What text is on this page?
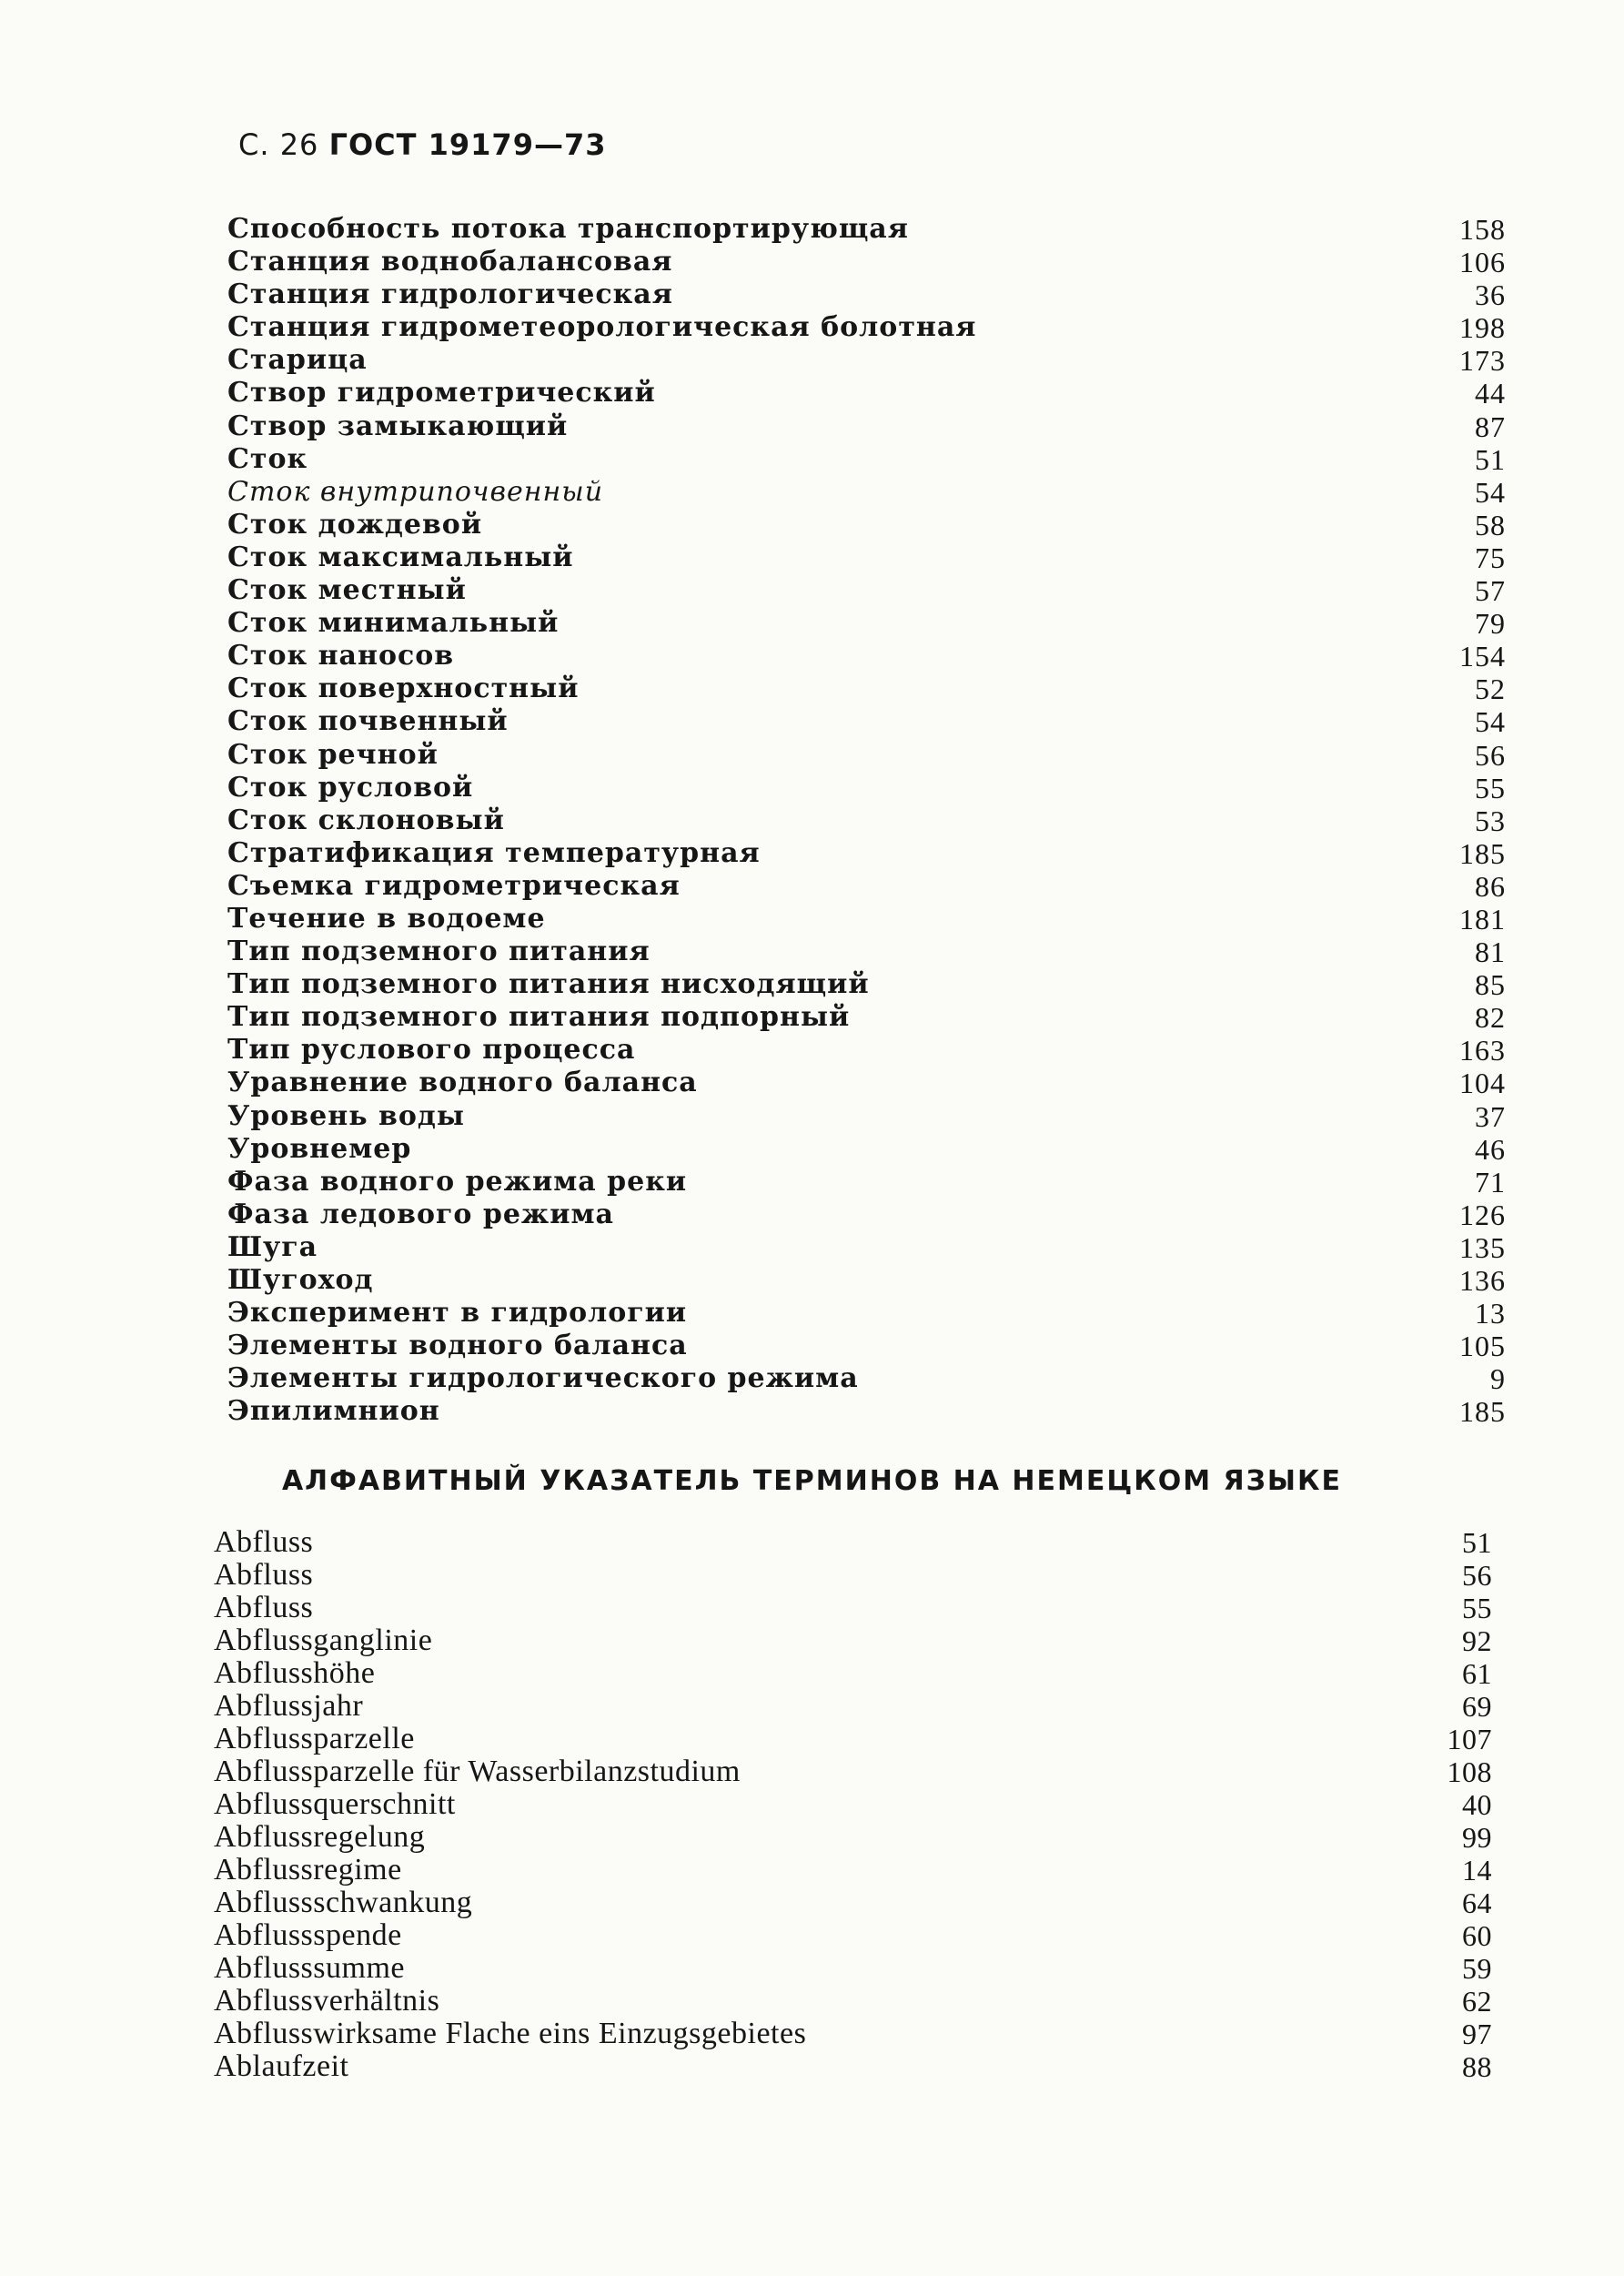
С. 26 ГОСТ 19179—73
Способность потока транспортирующая	158
Станция воднобалансовая	106
Станция гидрологическая	36
Станция гидрометеорологическая болотная	198
Старица	173
Створ гидрометрический	44
Створ замыкающий	87
Сток	51
Сток внутрипочвенный	54
Сток дождевой	58
Сток максимальный	75
Сток местный	57
Сток минимальный	79
Сток наносов	154
Сток поверхностный	52
Сток почвенный	54
Сток речной	56
Сток русловой	55
Сток склоновый	53
Стратификация температурная	185
Съемка гидрометрическая	86
Течение в водоеме	181
Тип подземного питания	81
Тип подземного питания нисходящий	85
Тип подземного питания подпорный	82
Тип руслового процесса	163
Уравнение водного баланса	104
Уровень воды	37
Уровнемер	46
Фаза водного режима реки	71
Фаза ледового режима	126
Шуга	135
Шугоход	136
Эксперимент в гидрологии	13
Элементы водного баланса	105
Элементы гидрологического режима	9
Эпилимнион	185
АЛФАВИТНЫЙ УКАЗАТЕЛЬ ТЕРМИНОВ НА НЕМЕЦКОМ ЯЗЫКЕ
Abfluss	51
Abfluss	56
Abfluss	55
Abflussganglinie	92
Abflusshöhe	61
Abflussjahr	69
Abflussparzelle	107
Abflussparzelle für Wasserbilanzstudium	108
Abflussquerschnitt	40
Abflussregelung	99
Abflussregime	14
Abflussschwankung	64
Abflussspende	60
Abflusssumme	59
Abflussverhältnis	62
Abflusswirksame Flache eins Einzugsgebietes	97
Ablaufzeit	88
